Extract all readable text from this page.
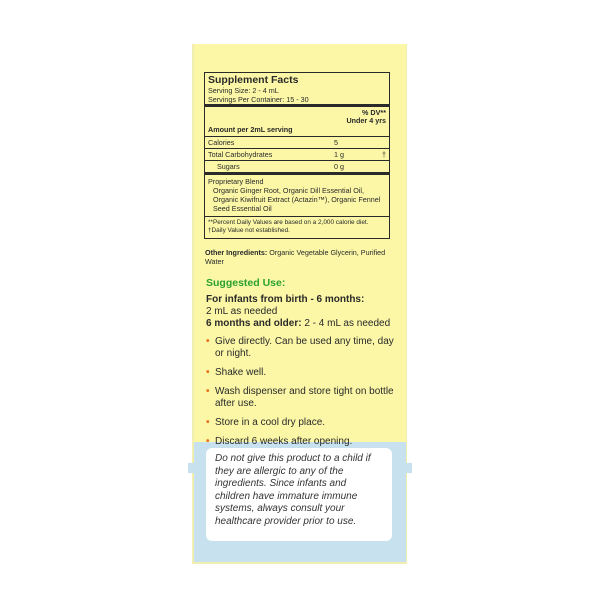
Supplement Facts
Serving Size: 2 - 4 mL
Servings Per Container: 15 - 30
% DV**
Under 4 yrs
Amount per 2mL serving
Calories	5
Total Carbohydrates	1 g	†
Sugars	0 g
Proprietary Blend
Organic Ginger Root, Organic Dill Essential Oil, Organic Kiwifruit Extract (Actazin™), Organic Fennel Seed Essential Oil
**Percent Daily Values are based on a 2,000 calorie diet.
†Daily Value not established.
Other Ingredients: Organic Vegetable Glycerin, Purified Water
Suggested Use:
For infants from birth - 6 months:
2 mL as needed
6 months and older: 2 - 4 mL as needed
• Give directly. Can be used any time, day or night.
• Shake well.
• Wash dispenser and store tight on bottle after use.
• Store in a cool dry place.
• Discard 6 weeks after opening.
Do not give this product to a child if they are allergic to any of the ingredients. Since infants and children have immature immune systems, always consult your healthcare provider prior to use.
